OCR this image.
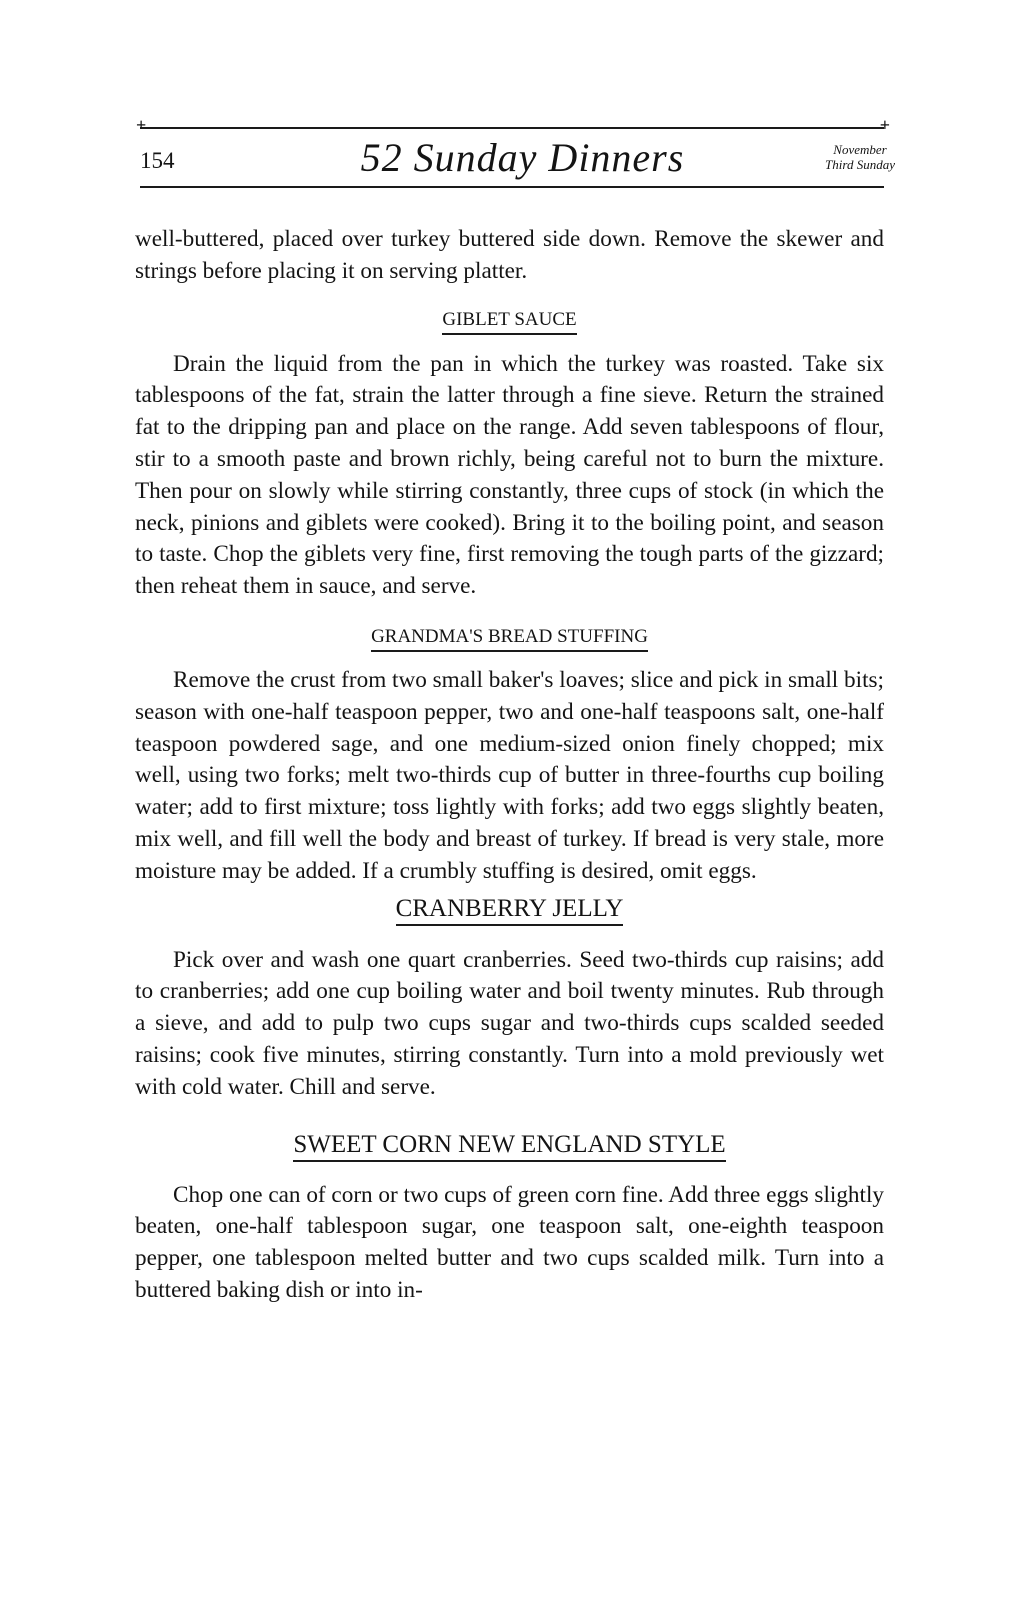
+ +
154	52 Sunday Dinners	November
Third Sunday

well-buttered, placed over turkey buttered side down. Remove the skewer and strings before placing it on serving platter.

GIBLET SAUCE

Drain the liquid from the pan in which the turkey was roasted. Take six tablespoons of the fat, strain the latter through a fine sieve. Return the strained fat to the dripping pan and place on the range. Add seven tablespoons of flour, stir to a smooth paste and brown richly, being careful not to burn the mixture. Then pour on slowly while stirring constantly, three cups of stock (in which the neck, pinions and giblets were cooked). Bring it to the boiling point, and season to taste. Chop the giblets very fine, first removing the tough parts of the gizzard; then reheat them in sauce, and serve.

GRANDMA'S BREAD STUFFING

Remove the crust from two small baker's loaves; slice and pick in small bits; season with one-half teaspoon pepper, two and one-half teaspoons salt, one-half teaspoon powdered sage, and one medium-sized onion finely chopped; mix well, using two forks; melt two-thirds cup of butter in three-fourths cup boiling water; add to first mixture; toss lightly with forks; add two eggs slightly beaten, mix well, and fill well the body and breast of turkey. If bread is very stale, more moisture may be added. If a crumbly stuffing is desired, omit eggs.

CRANBERRY JELLY

Pick over and wash one quart cranberries. Seed two-thirds cup raisins; add to cranberries; add one cup boiling water and boil twenty minutes. Rub through a sieve, and add to pulp two cups sugar and two-thirds cups scalded seeded raisins; cook five minutes, stirring constantly. Turn into a mold previously wet with cold water. Chill and serve.

SWEET CORN NEW ENGLAND STYLE

Chop one can of corn or two cups of green corn fine. Add three eggs slightly beaten, one-half tablespoon sugar, one teaspoon salt, one-eighth teaspoon pepper, one tablespoon melted butter and two cups scalded milk. Turn into a buttered baking dish or into in-
